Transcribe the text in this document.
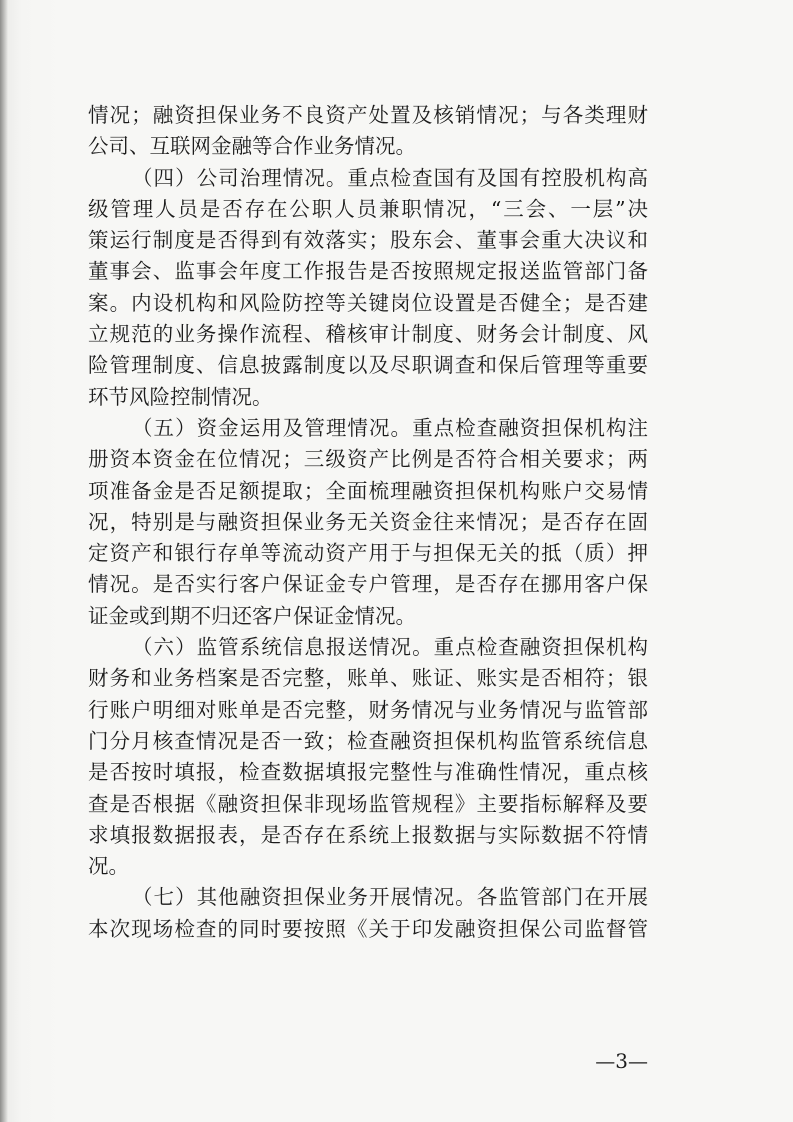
情况；融资担保业务不良资产处置及核销情况；与各类理财
公司、互联网金融等合作业务情况。
（四）公司治理情况。重点检查国有及国有控股机构高
级管理人员是否存在公职人员兼职情况，“三会、一层”决
策运行制度是否得到有效落实；股东会、董事会重大决议和
董事会、监事会年度工作报告是否按照规定报送监管部门备
案。内设机构和风险防控等关键岗位设置是否健全；是否建
立规范的业务操作流程、稽核审计制度、财务会计制度、风
险管理制度、信息披露制度以及尽职调查和保后管理等重要
环节风险控制情况。
（五）资金运用及管理情况。重点检查融资担保机构注
册资本资金在位情况；三级资产比例是否符合相关要求；两
项准备金是否足额提取；全面梳理融资担保机构账户交易情
况，特别是与融资担保业务无关资金往来情况；是否存在固
定资产和银行存单等流动资产用于与担保无关的抵（质）押
情况。是否实行客户保证金专户管理，是否存在挪用客户保
证金或到期不归还客户保证金情况。
（六）监管系统信息报送情况。重点检查融资担保机构
财务和业务档案是否完整，账单、账证、账实是否相符；银
行账户明细对账单是否完整，财务情况与业务情况与监管部
门分月核查情况是否一致；检查融资担保机构监管系统信息
是否按时填报，检查数据填报完整性与准确性情况，重点核
查是否根据《融资担保非现场监管规程》主要指标解释及要
求填报数据报表，是否存在系统上报数据与实际数据不符情
况。
（七）其他融资担保业务开展情况。各监管部门在开展
本次现场检查的同时要按照《关于印发融资担保公司监督管
—3—
